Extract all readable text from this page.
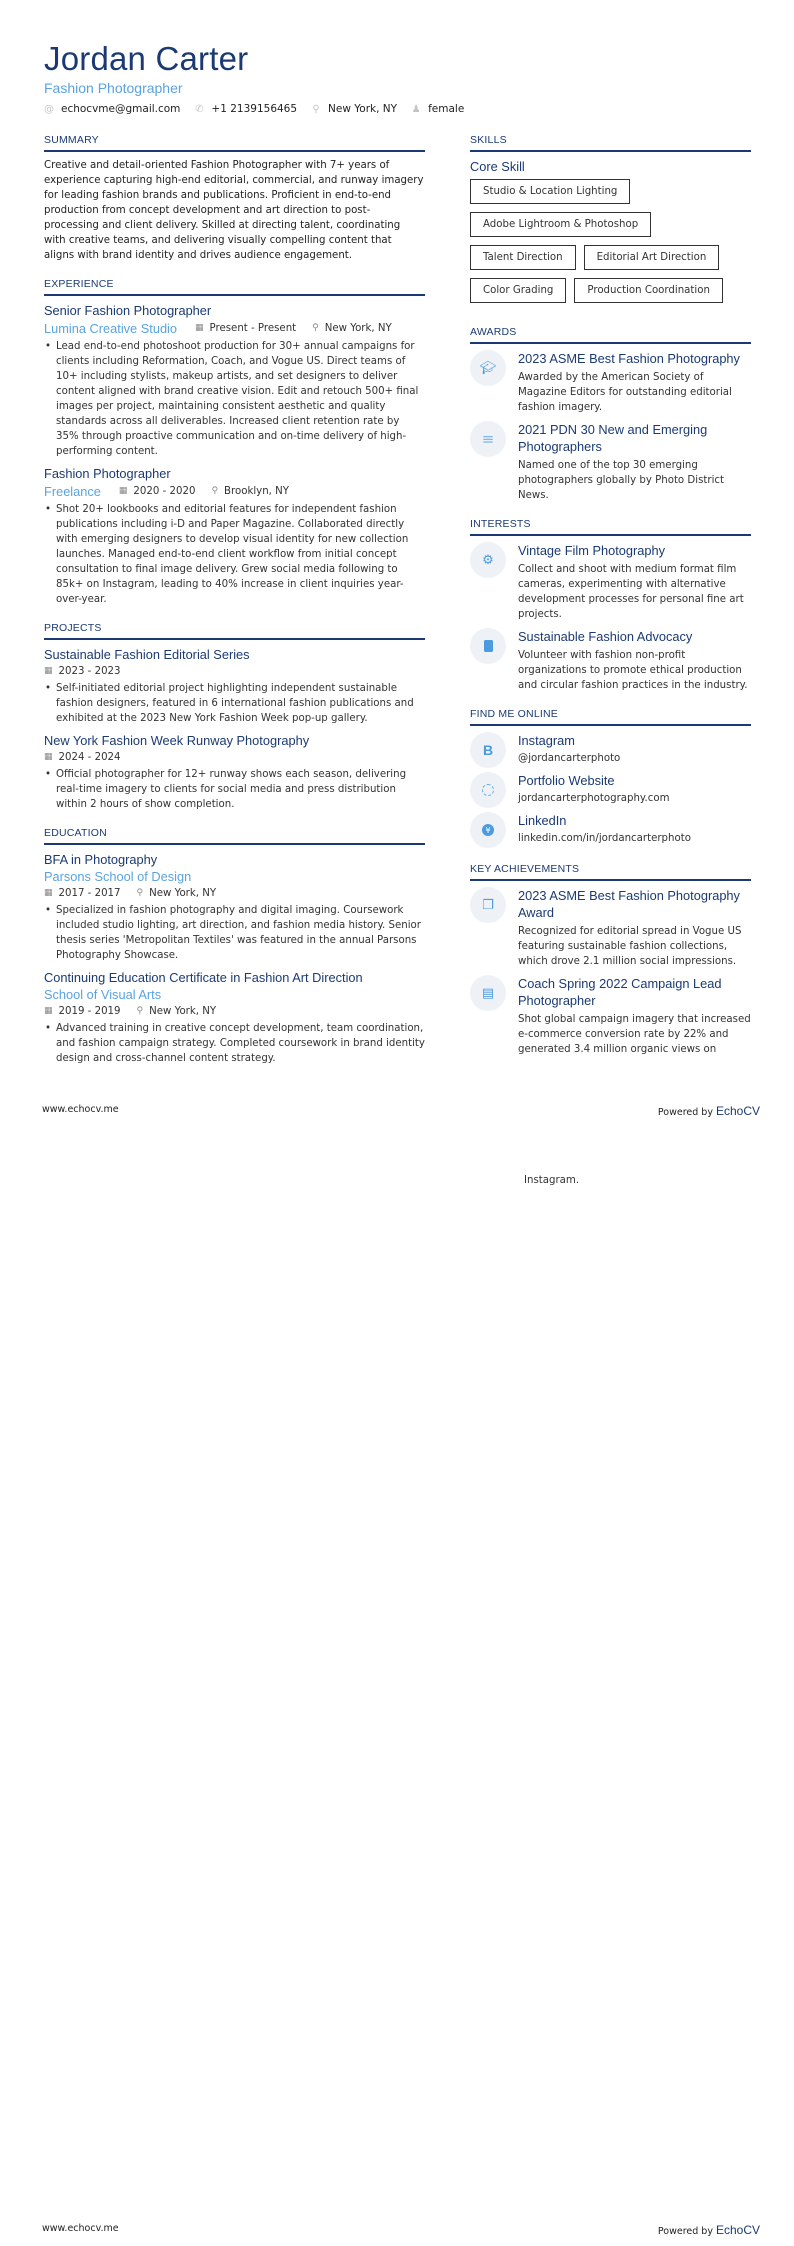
Jordan Carter
Fashion Photographer
@ echocvme@gmail.com ✆ +1 2139156465 ⚲ New York, NY ♟ female
SUMMARY
Creative and detail-oriented Fashion Photographer with 7+ years of experience capturing high-end editorial, commercial, and runway imagery for leading fashion brands and publications. Proficient in end-to-end production from concept development and art direction to post-processing and client delivery. Skilled at directing talent, coordinating with creative teams, and delivering visually compelling content that aligns with brand identity and drives audience engagement.
EXPERIENCE
Senior Fashion Photographer
Lumina Creative Studio ▦ Present - Present ⚲ New York, NY
• Lead end-to-end photoshoot production for 30+ annual campaigns for clients including Reformation, Coach, and Vogue US. Direct teams of 10+ including stylists, makeup artists, and set designers to deliver content aligned with brand creative vision. Edit and retouch 500+ final images per project, maintaining consistent aesthetic and quality standards across all deliverables. Increased client retention rate by 35% through proactive communication and on-time delivery of high-performing content.
Fashion Photographer
Freelance ▦ 2020 - 2020 ⚲ Brooklyn, NY
• Shot 20+ lookbooks and editorial features for independent fashion publications including i-D and Paper Magazine. Collaborated directly with emerging designers to develop visual identity for new collection launches. Managed end-to-end client workflow from initial concept consultation to final image delivery. Grew social media following to 85k+ on Instagram, leading to 40% increase in client inquiries year-over-year.
PROJECTS
Sustainable Fashion Editorial Series
▦ 2023 - 2023
• Self-initiated editorial project highlighting independent sustainable fashion designers, featured in 6 international fashion publications and exhibited at the 2023 New York Fashion Week pop-up gallery.
New York Fashion Week Runway Photography
▦ 2024 - 2024
• Official photographer for 12+ runway shows each season, delivering real-time imagery to clients for social media and press distribution within 2 hours of show completion.
EDUCATION
BFA in Photography
Parsons School of Design
▦ 2017 - 2017 ⚲ New York, NY
• Specialized in fashion photography and digital imaging. Coursework included studio lighting, art direction, and fashion media history. Senior thesis series 'Metropolitan Textiles' was featured in the annual Parsons Photography Showcase.
Continuing Education Certificate in Fashion Art Direction
School of Visual Arts
▦ 2019 - 2019 ⚲ New York, NY
• Advanced training in creative concept development, team coordination, and fashion campaign strategy. Completed coursework in brand identity design and cross-channel content strategy.
SKILLS
Core Skill
Studio & Location Lighting
Adobe Lightroom & Photoshop
Talent Direction	Editorial Art Direction
Color Grading	Production Coordination
AWARDS
🎓︎
2023 ASME Best Fashion Photography
Awarded by the American Society of Magazine Editors for outstanding editorial fashion imagery.
≡
2021 PDN 30 New and Emerging Photographers
Named one of the top 30 emerging photographers globally by Photo District News.
INTERESTS
⚙
Vintage Film Photography
Collect and shoot with medium format film cameras, experimenting with alternative development processes for personal fine art projects.
Sustainable Fashion Advocacy
Volunteer with fashion non-profit organizations to promote ethical production and circular fashion practices in the industry.
FIND ME ONLINE
B
Instagram
@jordancarterphoto
Portfolio Website
jordancarterphotography.com
¥
LinkedIn
linkedin.com/in/jordancarterphoto
KEY ACHIEVEMENTS
❐
2023 ASME Best Fashion Photography Award
Recognized for editorial spread in Vogue US featuring sustainable fashion collections, which drove 2.1 million social impressions.
▤
Coach Spring 2022 Campaign Lead Photographer
Shot global campaign imagery that increased e-commerce conversion rate by 22% and generated 3.4 million organic views on
www.echocv.me	Powered by EchoCV
Instagram.
www.echocv.me	Powered by EchoCV
